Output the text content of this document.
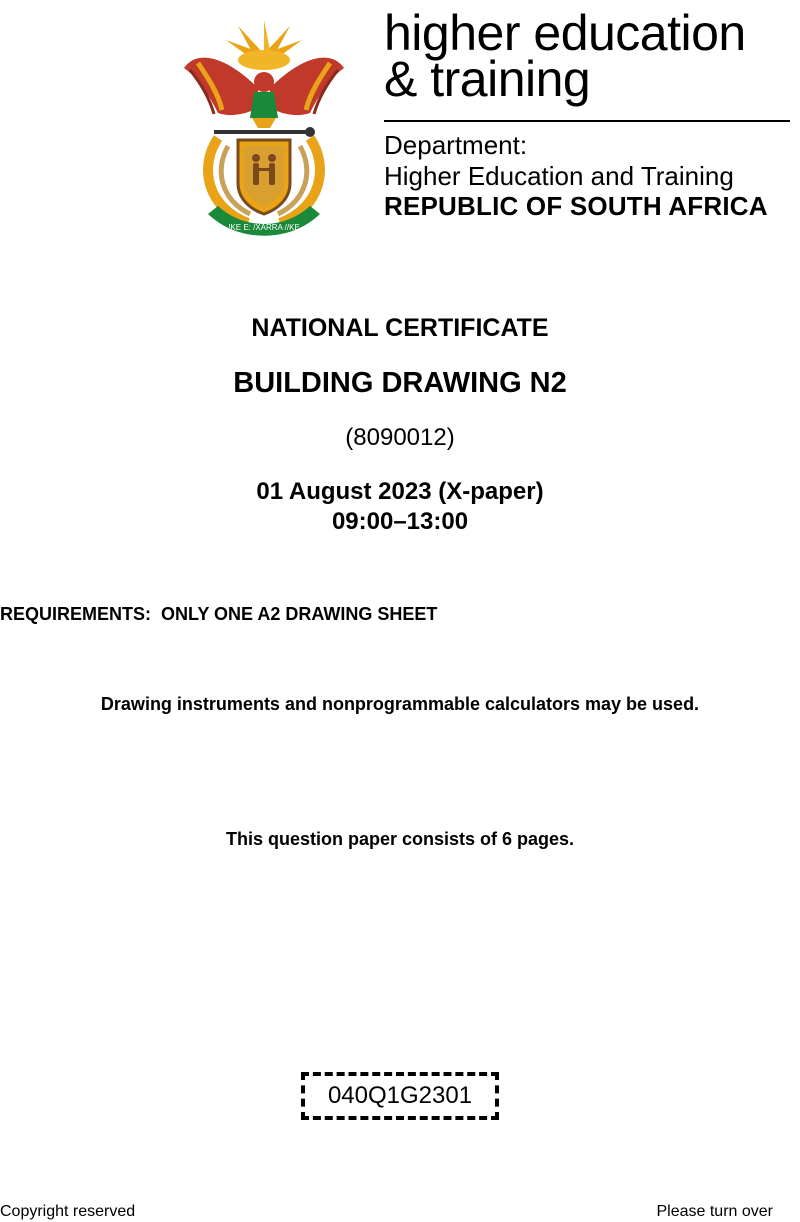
!KE E: /XARRA //KE
higher education
& training
Department:
Higher Education and Training
REPUBLIC OF SOUTH AFRICA
NATIONAL CERTIFICATE
BUILDING DRAWING N2
(8090012)
01 August 2023 (X-paper)
09:00–13:00
REQUIREMENTS: ONLY ONE A2 DRAWING SHEET
Drawing instruments and nonprogrammable calculators may be used.
This question paper consists of 6 pages.
040Q1G2301
Copyright reserved	Please turn over
